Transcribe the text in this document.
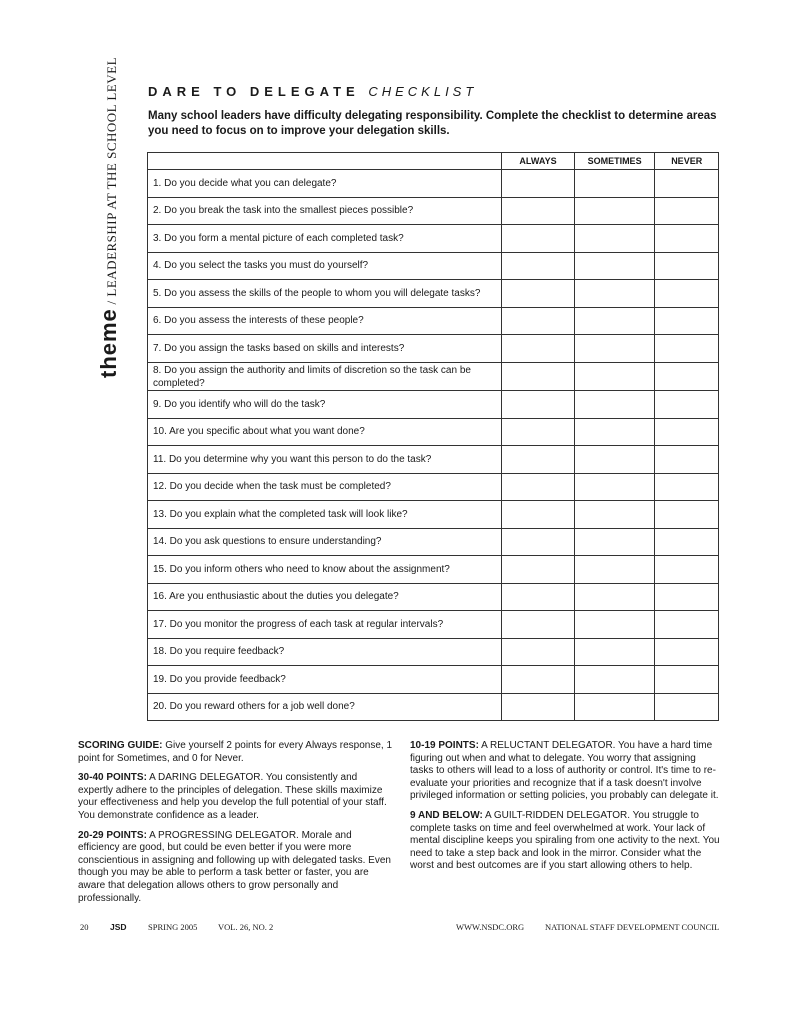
theme / LEADERSHIP AT THE SCHOOL LEVEL DARE TO DELEGATE CHECKLIST
Many school leaders have difficulty delegating responsibility. Complete the checklist to determine areas you need to focus on to improve your delegation skills.
	ALWAYS	SOMETIMES	NEVER
1. Do you decide what you can delegate?			
2. Do you break the task into the smallest pieces possible?			
3. Do you form a mental picture of each completed task?			
4. Do you select the tasks you must do yourself?			
5. Do you assess the skills of the people to whom you will delegate tasks?			
6. Do you assess the interests of these people?			
7. Do you assign the tasks based on skills and interests?			
8. Do you assign the authority and limits of discretion so the task can be completed?			
9. Do you identify who will do the task?			
10. Are you specific about what you want done?			
11. Do you determine why you want this person to do the task?			
12. Do you decide when the task must be completed?			
13. Do you explain what the completed task will look like?			
14. Do you ask questions to ensure understanding?			
15. Do you inform others who need to know about the assignment?			
16. Are you enthusiastic about the duties you delegate?			
17. Do you monitor the progress of each task at regular intervals?			
18. Do you require feedback?			
19. Do you provide feedback?			
20. Do you reward others for a job well done?			

SCORING GUIDE: Give yourself 2 points for every Always response, 1 point for Sometimes, and 0 for Never.

30-40 POINTS: A DARING DELEGATOR. You consistently and expertly adhere to the principles of delegation. These skills maximize your effectiveness and help you develop the full potential of your staff. You demonstrate confidence as a leader.

20-29 POINTS: A PROGRESSING DELEGATOR. Morale and efficiency are good, but could be even better if you were more conscientious in assigning and following up with delegated tasks. Even though you may be able to perform a task better or faster, you are aware that delegation allows others to grow personally and professionally.

10-19 POINTS: A RELUCTANT DELEGATOR. You have a hard time figuring out when and what to delegate. You worry that assigning tasks to others will lead to a loss of authority or control. It's time to re-evaluate your priorities and recognize that if a task doesn't involve privileged information or setting policies, you probably can delegate it.

9 AND BELOW: A GUILT-RIDDEN DELEGATOR. You struggle to complete tasks on time and feel overwhelmed at work. Your lack of mental discipline keeps you spiraling from one activity to the next. You need to take a step back and look in the mirror. Consider what the worst and best outcomes are if you start allowing others to help.

20	JSD	SPRING 2005 VOL. 26, NO. 2	WWW.NSDC.ORG NATIONAL STAFF DEVELOPMENT COUNCIL
